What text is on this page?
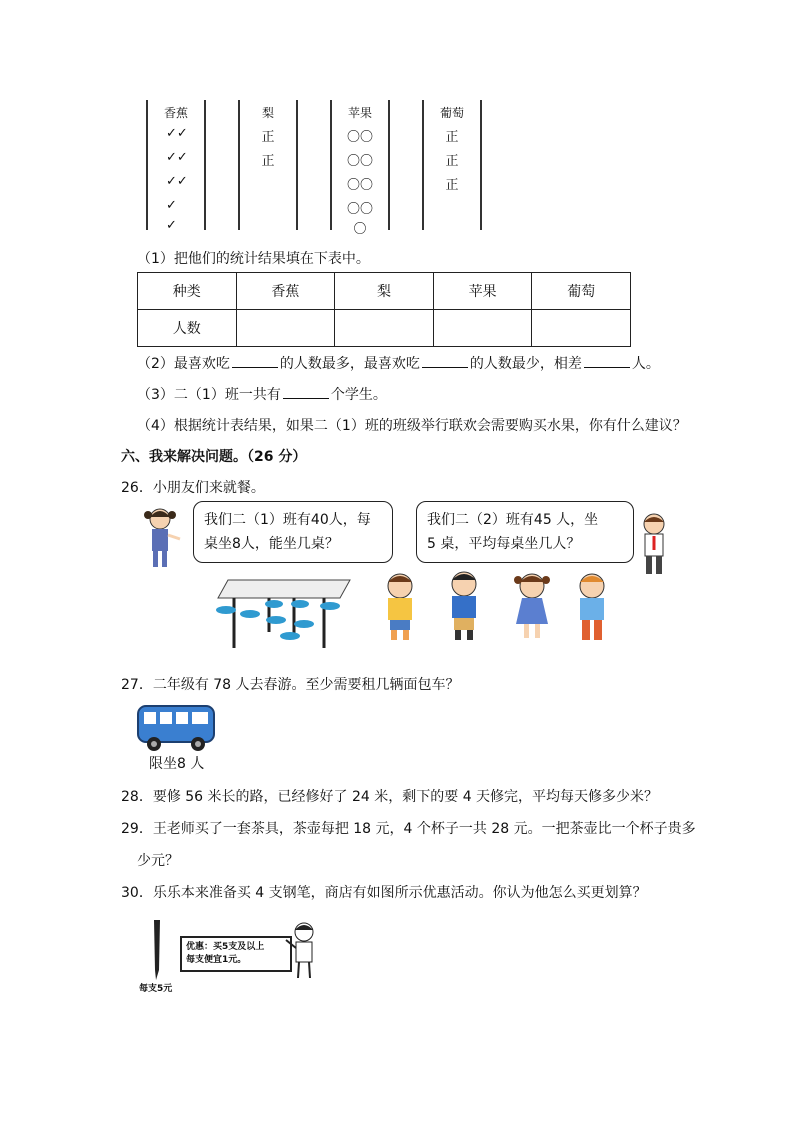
香蕉
✓✓
✓✓
✓✓
✓
✓
梨
正
正
苹果
〇〇
〇〇
〇〇
〇〇
〇
葡萄
正
正
正
（1）把他们的统计结果填在下表中。
种类	香蕉	梨	苹果	葡萄
人数				
（2）最喜欢吃	的人数最多，最喜欢吃	的人数最少，相差	人。
（3）二（1）班一共有	个学生。
（4）根据统计表结果，如果二（1）班的班级举行联欢会需要购买水果，你有什么建议？
六、我来解决问题。（26 分）
26．小朋友们来就餐。
我们二（1）班有40人，每
桌坐8人，能坐几桌？
我们二（2）班有45 人，坐
5 桌，平均每桌坐几人？
27．二年级有 78 人去春游。至少需要租几辆面包车？
限坐8 人
28．要修 56 米长的路，已经修好了 24 米，剩下的要 4 天修完，平均每天修多少米？
29．王老师买了一套茶具，茶壶每把 18 元，4 个杯子一共 28 元。一把茶壶比一个杯子贵多
少元？
30．乐乐本来准备买 4 支钢笔，商店有如图所示优惠活动。你认为他怎么买更划算？
每支5元
优惠：买5支及以上
每支便宜1元。
